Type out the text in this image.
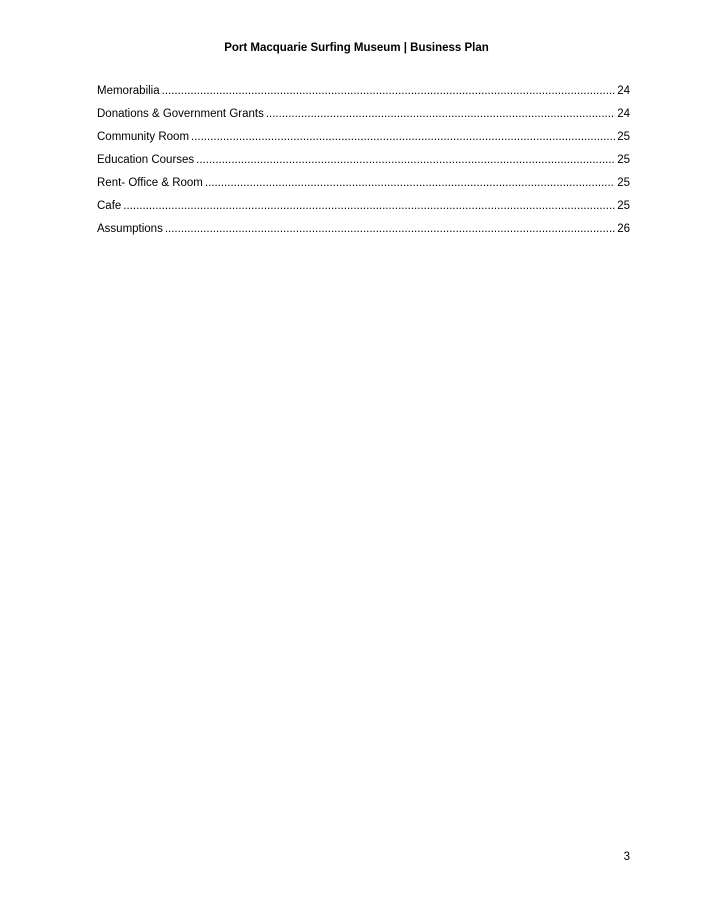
Port Macquarie Surfing Museum | Business Plan
Memorabilia .....	24
Donations & Government Grants .....	24
Community Room .....	25
Education Courses .....	25
Rent- Office & Room .....	25
Cafe .....	25
Assumptions .....	26
3
